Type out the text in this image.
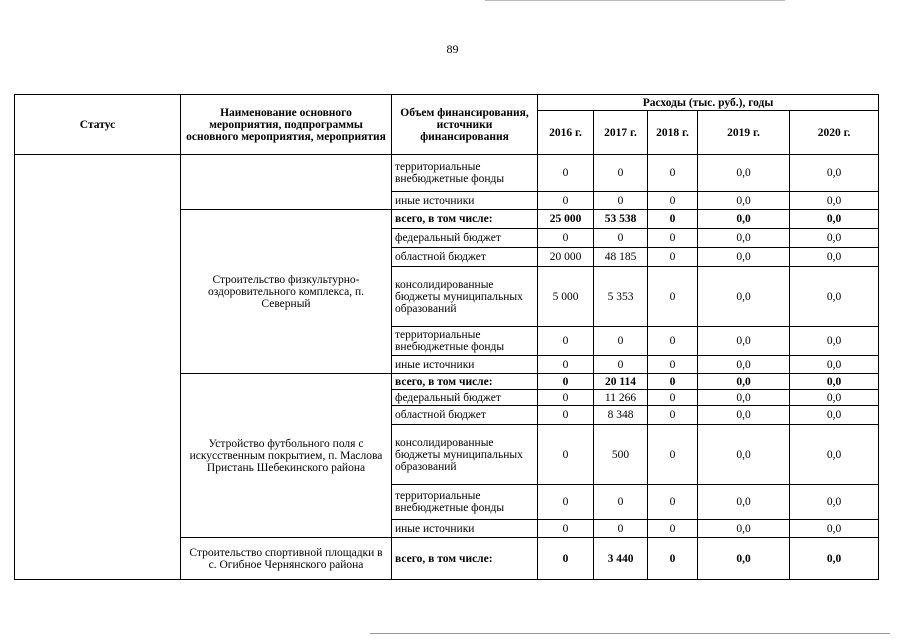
89
Статус	Наименование основного мероприятия, подпрограммы основного мероприятия, мероприятия	Объем финансирования, источники финансирования	Расходы (тыс. руб.), годы				
			2016 г.	2017 г.	2018 г.	2019 г.	2020 г.
		территориальные внебюджетные фонды	0	0	0	0,0	0,0
		иные источники	0	0	0	0,0	0,0
	Строительство физкультурно-оздоровительного комплекса, п. Северный	всего, в том числе:	25 000	53 538	0	0,0	0,0
		федеральный бюджет	0	0	0	0,0	0,0
		областной бюджет	20 000	48 185	0	0,0	0,0
		консолидированные бюджеты муниципальных образований	5 000	5 353	0	0,0	0,0
		территориальные внебюджетные фонды	0	0	0	0,0	0,0
		иные источники	0	0	0	0,0	0,0
	Устройство футбольного поля с искусственным покрытием, п. Маслова Пристань Шебекинского района	всего, в том числе:	0	20 114	0	0,0	0,0
		федеральный бюджет	0	11 266	0	0,0	0,0
		областной бюджет	0	8 348	0	0,0	0,0
		консолидированные бюджеты муниципальных образований	0	500	0	0,0	0,0
		территориальные внебюджетные фонды	0	0	0	0,0	0,0
		иные источники	0	0	0	0,0	0,0
	Строительство спортивной площадки в с. Огибное Чернянского района	всего, в том числе:	0	3 440	0	0,0	0,0
